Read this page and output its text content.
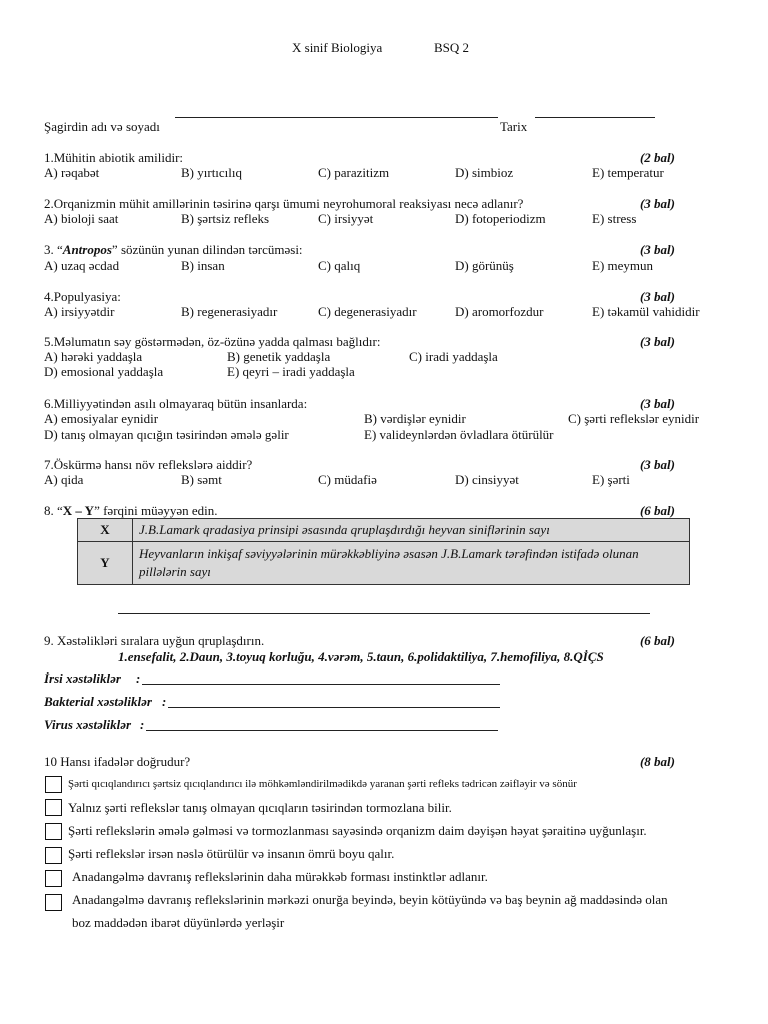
X sinif Biologiya	BSQ 2
Şagirdin adı və soyadı	Tarix
1.Mühitin abiotik amilidir:	(2 bal)
A) rəqabət	B) yırtıcılıq	C) parazitizm	D) simbioz	E) temperatur
2.Orqanizmin mühit amillərinin təsirinə qarşı ümumi neyrohumoral reaksiyası necə adlanır?	(3 bal)
A) bioloji saat	B) şərtsiz refleks	C) irsiyyət	D) fotoperiodizm	E) stress
3. “Antropos” sözünün yunan dilindən tərcüməsi:	(3 bal)
A) uzaq əcdad	B) insan	C) qalıq	D) görünüş	E) meymun
4.Populyasiya:	(3 bal)
A) irsiyyətdir	B) regenerasiyadır	C) degenerasiyadır	D) aromorfozdur	E) təkamül vahididir
5.Məlumatın səy göstərmədən, öz-özünə yadda qalması bağlıdır:	(3 bal)
A) hərəki yaddaşla	B) genetik yaddaşla	C) iradi yaddaşla
D) emosional yaddaşla	E) qeyri – iradi yaddaşla
6.Milliyyətindən asılı olmayaraq bütün insanlarda:	(3 bal)
A) emosiyalar eynidir	B) vərdişlər eynidir	C) şərti reflekslər eynidir
D) tanış olmayan qıcığın təsirindən əmələ gəlir	E) valideynlərdən övladlara ötürülür
7.Öskürmə hansı növ reflekslərə aiddir?	(3 bal)
A) qida	B) səmt	C) müdafiə	D) cinsiyyət	E) şərti
8. “X – Y” fərqini müəyyən edin.	(6 bal)
X	J.B.Lamark qradasiya prinsipi əsasında qruplaşdırdığı heyvan siniflərinin sayı
Y	Heyvanların inkişaf səviyyələrinin mürəkkəbliyinə əsasən J.B.Lamark tərəfindən istifadə olunan pillələrin sayı
9. Xəstəlikləri sıralara uyğun qruplaşdırın.	(6 bal)
1.ensefalit, 2.Daun, 3.toyuq korluğu, 4.vərəm, 5.taun, 6.polidaktiliya, 7.hemofiliya, 8.QİÇS
İrsi xəstəliklər :
Bakterial xəstəliklər :
Virus xəstəliklər :
10 Hansı ifadələr doğrudur?	(8 bal)
Şərti qıcıqlandırıcı şərtsiz qıcıqlandırıcı ilə möhkəmləndirilmədikdə yaranan şərti refleks tədricən zəifləyir və sönür
Yalnız şərti reflekslər tanış olmayan qıcıqların təsirindən tormozlana bilir.
Şərti reflekslərin əmələ gəlməsi və tormozlanması sayəsində orqanizm daim dəyişən həyat şəraitinə uyğunlaşır.
Şərti reflekslər irsən nəslə ötürülür və insanın ömrü boyu qalır.
Anadangəlmə davranış reflekslərinin daha mürəkkəb forması instinktlər adlanır.
Anadangəlmə davranış reflekslərinin mərkəzi onurğa beyində, beyin kötüyündə və baş beynin ağ maddəsində olan
boz maddədən ibarət düyünlərdə yerləşir
